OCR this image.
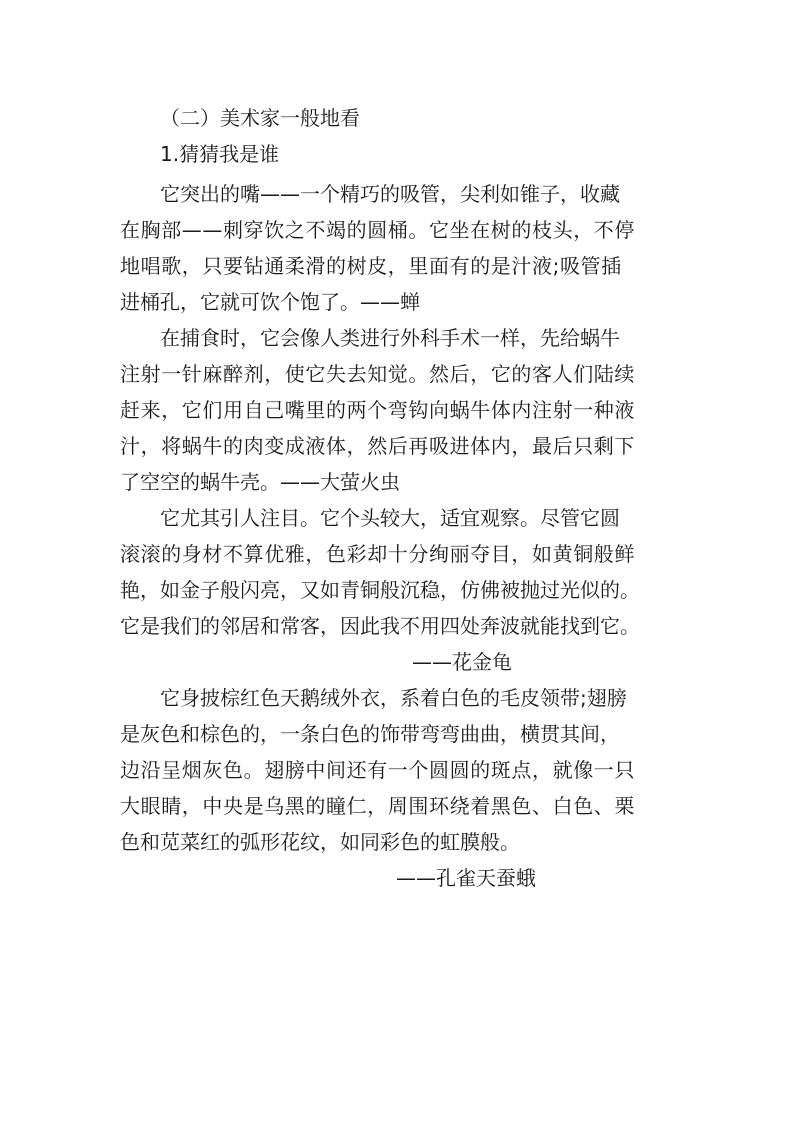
（二）美术家一般地看
1.猜猜我是谁
它突出的嘴——一个精巧的吸管，尖利如锥子，收藏
在胸部——刺穿饮之不竭的圆桶。它坐在树的枝头，不停
地唱歌，只要钻通柔滑的树皮，里面有的是汁液;吸管插
进桶孔，它就可饮个饱了。——蝉
在捕食时，它会像人类进行外科手术一样，先给蜗牛
注射一针麻醉剂，使它失去知觉。然后，它的客人们陆续
赶来，它们用自己嘴里的两个弯钩向蜗牛体内注射一种液
汁，将蜗牛的肉变成液体，然后再吸进体内，最后只剩下
了空空的蜗牛壳。——大萤火虫
它尤其引人注目。它个头较大，适宜观察。尽管它圆
滚滚的身材不算优雅，色彩却十分绚丽夺目，如黄铜般鲜
艳，如金子般闪亮，又如青铜般沉稳，仿佛被抛过光似的。
它是我们的邻居和常客，因此我不用四处奔波就能找到它。
——花金龟
它身披棕红色天鹅绒外衣，系着白色的毛皮领带;翅膀
是灰色和棕色的，一条白色的饰带弯弯曲曲，横贯其间，
边沿呈烟灰色。翅膀中间还有一个圆圆的斑点，就像一只
大眼睛，中央是乌黑的瞳仁，周围环绕着黑色、白色、栗
色和苋菜红的弧形花纹，如同彩色的虹膜般。
——孔雀天蚕蛾
